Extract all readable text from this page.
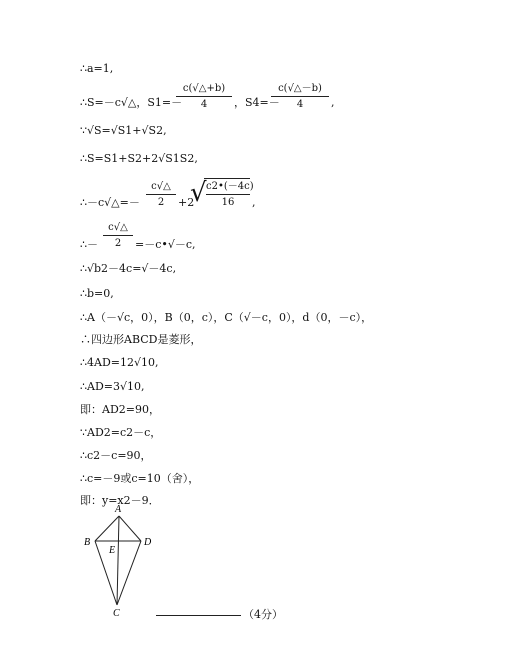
∴a=1,
∴S=－c√△，S1=－
c(√△+b)
4	，S4=－
c(√△－b)
4	,
∵√S=√S1+√S2,
∴S=S1+S2+2√S1S2,
∴－c√△=－
c√△
2	+2
√ c2•(－4c)
16	,
∴－
c√△
2	=－c•√－c,
∴√b2－4c=√－4c,
∴b=0,
∴A（－√c，0），B（0，c），C（√－c，0），d（0，－c），
∴四边形ABCD是菱形，
∴4AD=12√10,
∴AD=3√10,
即：AD2=90，
∵AD2=c2－c，
∴c2－c=90，
∴c=－9或c=10（舍），
即：y=x2－9．
A
B
E
D
C	（4分）
